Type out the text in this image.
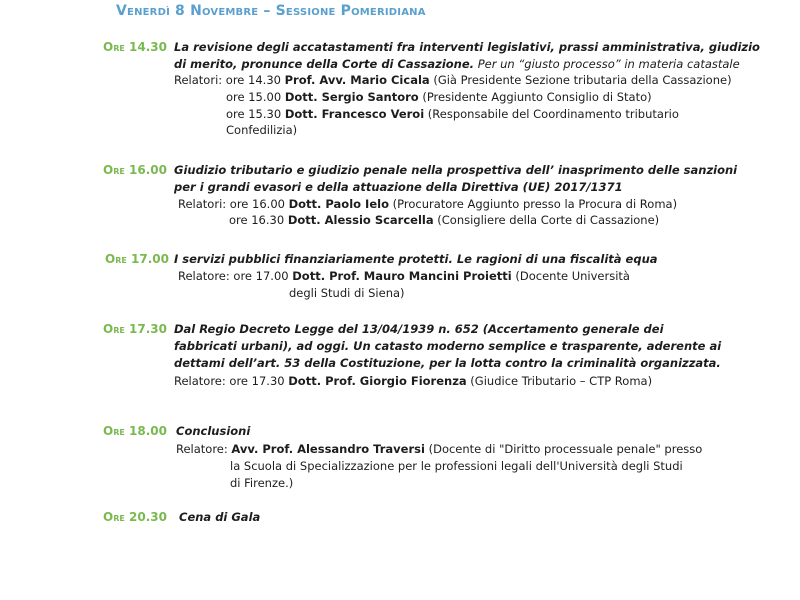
Venerdì 8 Novembre – Sessione Pomeridiana
Ore 14.30 La revisione degli accatastamenti fra interventi legislativi, prassi amministrativa, giudizio
di merito, pronunce della Corte di Cassazione. Per un “giusto processo” in materia catastale
Relatori: ore 14.30 Prof. Avv. Mario Cicala (Già Presidente Sezione tributaria della Cassazione)
ore 15.00 Dott. Sergio Santoro (Presidente Aggiunto Consiglio di Stato)
ore 15.30 Dott. Francesco Veroi (Responsabile del Coordinamento tributario
Confedilizia)
Ore 16.00 Giudizio tributario e giudizio penale nella prospettiva dell’ inasprimento delle sanzioni
per i grandi evasori e della attuazione della Direttiva (UE) 2017/1371
Relatori: ore 16.00 Dott. Paolo Ielo (Procuratore Aggiunto presso la Procura di Roma)
ore 16.30 Dott. Alessio Scarcella (Consigliere della Corte di Cassazione)
Ore 17.00 I servizi pubblici finanziariamente protetti. Le ragioni di una fiscalità equa
Relatore: ore 17.00 Dott. Prof. Mauro Mancini Proietti (Docente Università
degli Studi di Siena)
Ore 17.30 Dal Regio Decreto Legge del 13/04/1939 n. 652 (Accertamento generale dei
fabbricati urbani), ad oggi. Un catasto moderno semplice e trasparente, aderente ai
dettami dell’art. 53 della Costituzione, per la lotta contro la criminalità organizzata.
Relatore: ore 17.30 Dott. Prof. Giorgio Fiorenza (Giudice Tributario – CTP Roma)
Ore 18.00 Conclusioni
Relatore: Avv. Prof. Alessandro Traversi (Docente di "Diritto processuale penale" presso
la Scuola di Specializzazione per le professioni legali dell'Università degli Studi
di Firenze.)
Ore 20.30 Cena di Gala
